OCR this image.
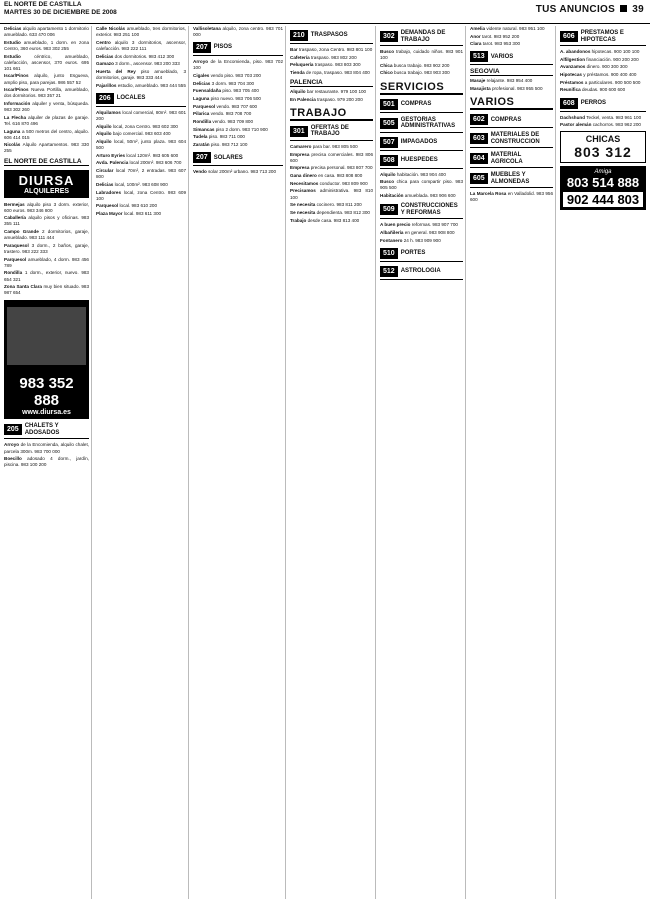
EL NORTE DE CASTILLA
MARTES 30 DE DICIEMBRE DE 2008	TUS ANUNCIOS 39
Delicias alquilo apartamento 1 dormitorio amueblado. 633 470 006
Estudio amueblado, 1 dorm. en zona Centro, 360 euros. 983 302 255
Estudio	céntrico, amueblado, calefacción, ascensor, 370 euros. 695 101 661
Iscar/Pinos alquilo, junto Esgueva, amplio piso, para parejas. 986 557 52
Iscar/Pinos Nueva Portilla, amueblado, dos dormitorios. 983 357 21
Información alquiler y venta, búsqueda. 983 302 260
La Flecha alquiler de plazas de garaje. Tel. 616 870 496
Laguna a 500 metros del centro, alquilo. 606 414 015
Nicolás Alquilo Apartamentos. 983 330 255
EL NORTE DE CASTILLA
DIURSA
ALQUILERES
Bermejas alquilo piso 3 dorm. exterior, 600 euros. 983 346 800
Caballería alquilo pisos y oficinas. 983 355 111
Campo Grande 2 dormitorios, garaje, amueblado. 983 111 444
Paraquesol 3 dorm., 2 baños, garaje, trastero. 983 222 333
Parquesol amueblado, 4 dorm. 983 456 789
Rondilla 1 dorm., exterior, nuevo. 983 654 321
Zona Santa Clara muy bien situado. 983 987 654
983 352 888
www.diursa.es
205	CHALETS Y ADOSADOS
Arroyo de la Encomienda, alquilo chalet, parcela 300m. 983 700 000
Boecillo adosado 4 dorm., jardín, piscina. 983 100 200
Calle Nicolás amueblado, tres dormitorios, exterior. 983 251 100
Centro alquilo 3 dormitorios, ascensor, calefacción. 983 222 111
Delicias dos dormitorios. 983 412 300
Gamazo 3 dorm., ascensor. 983 200 333
Huerta del Rey piso amueblado, 3 dormitorios, garaje. 983 333 444
Pajarillos estudio, amueblado. 983 444 555
206	LOCALES
Alquilamos local comercial, 80m². 983 601 200
Alquilo local, zona Centro. 983 602 300
Alquilo bajo comercial. 983 603 400
Alquilo local, 50m², junto plaza. 983 604 500
Arturo Eyries local 120m². 983 605 600
Avda. Palencia local 200m². 983 606 700
Circular local 70m², 2 entradas. 983 607 800
Delicias local, 100m². 983 608 900
Labradores local, zona Centro. 983 609 100
Parquesol local. 983 610 200
Plaza Mayor local. 983 611 300
Vallisoletana alquilo, zona centro. 983 701 000
207	PISOS
Arroyo de la Encomienda, piso. 983 702 100
Cigales vendo piso. 983 703 200
Delicias 3 dorm. 983 704 300
Fuensaldaña piso. 983 705 400
Laguna piso nuevo. 983 706 500
Parquesol vendo. 983 707 600
Pilarica vendo. 983 708 700
Rondilla vendo. 983 709 800
Simancas piso 2 dorm. 983 710 900
Tudela piso. 983 711 000
Zaratán piso. 983 712 100
207	SOLARES
Vendo solar 200m² urbano. 983 713 200
210	TRASPASOS
Bar traspaso, zona Centro. 983 801 100
Cafetería traspaso. 983 802 200
Peluquería traspaso. 983 803 300
Tienda de ropa, traspaso. 983 804 400
PALENCIA
Alquilo bar restaurante. 979 100 100
En Palencia traspaso. 979 200 200
TRABAJO
301	OFERTAS DE TRABAJO
Camarero para bar. 983 805 500
Empresa precisa comerciales. 983 806 600
Empresa precisa personal. 983 807 700
Gana dinero en casa. 983 808 800
Necesitamos conductor. 983 809 900
Precisamos administrativa. 983 810 100
Se necesita cocinero. 983 811 200
Se necesita dependienta. 983 812 300
Trabajo desde casa. 983 813 400
302	DEMANDAS DE TRABAJO
Busco trabajo, cuidado niños. 983 901 100
Chica busca trabajo. 983 902 200
Chico busca trabajo. 983 903 300
SERVICIOS
501	COMPRAS
505	GESTORIAS ADMINISTRATIVAS
507	IMPAGADOS
508	HUESPEDES
Alquilo habitación. 983 904 400
Busco chica para compartir piso. 983 905 500
Habitación amueblada. 983 906 600
509	CONSTRUCCIONES Y REFORMAS
A buen precio reformas. 983 907 700
Albañilería en general. 983 908 800
Fontanero 24 h. 983 909 900
510	PORTES
512	ASTROLOGIA
Amelia vidente natural. 983 951 100
Anor tarot. 983 952 200
Clara tarot. 983 953 300
513	VARIOS
SEGOVIA
Masaje relajante. 983 954 400
Masajista profesional. 983 955 500
VARIOS
602	COMPRAS
603	MATERIALES DE CONSTRUCCION
604	MATERIAL AGRICOLA
605	MUEBLES Y ALMONEDAS
La Marcela Rosa en Valladolid. 983 956 600
606	PRESTAMOS E HIPOTECAS
A. abandonos hipotecas. 900 100 100
Alfilgestion financiación. 900 200 200
Avanzamos dinero. 900 300 300
Hipotecas y préstamos. 900 400 400
Préstamos a particulares. 900 500 500
Reunifica deudas. 900 600 600
608	PERROS
Dachshund Teckel, venta. 983 961 100
Pastor alemán cachorros. 983 962 200
CHICAS
803 312
Amiga
803 514 888
902 444 803
